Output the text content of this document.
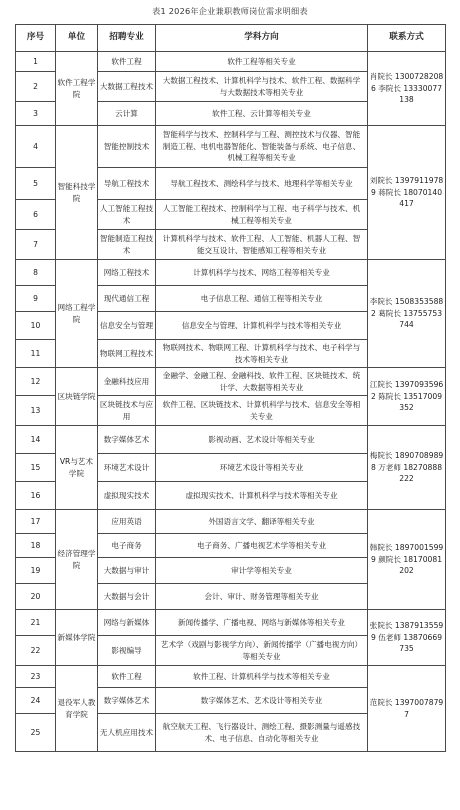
表1 2026年企业兼职教师岗位需求明细表
序号	单位	招聘专业	学科方向	联系方式
1	软件工程学院	软件工程	软件工程等相关专业	肖院长 13007282086 李院长 13330077138
2		大数据工程技术	大数据工程技术、计算机科学与技术、软件工程、数据科学与大数据技术等相关专业	
3		云计算	软件工程、云计算等相关专业	
4	智能科技学院	智能控制技术	智能科学与技术、控制科学与工程、测控技术与仪器、智能制造工程、电机电器智能化、智能装备与系统、电子信息、机械工程等相关专业	刘院长 13979119789 蒋院长 18070140417
5		导航工程技术	导航工程技术、测绘科学与技术、地理科学等相关专业	
6		人工智能工程技术	人工智能工程技术、控制科学与工程、电子科学与技术、机械工程等相关专业	
7		智能制造工程技术	计算机科学与技术、软件工程、人工智能、机器人工程、智能交互设计、智能感知工程等相关专业	
8	网络工程学院	网络工程技术	计算机科学与技术、网络工程等相关专业	李院长 15083535882 葛院长 13755753744
9		现代通信工程	电子信息工程、通信工程等相关专业	
10		信息安全与管理	信息安全与管理、计算机科学与技术等相关专业	
11		物联网工程技术	物联网技术、物联网工程、计算机科学与技术、电子科学与技术等相关专业	
12	区块链学院	金融科技应用	金融学、金融工程、金融科技、软件工程、区块链技术、统计学、大数据等相关专业	江院长 13970935962 陈院长 13517009352
13		区块链技术与应用	软件工程、区块链技术、计算机科学与技术、信息安全等相关专业	
14	VR与艺术学院	数字媒体艺术	影视动画、艺术设计等相关专业	梅院长 18907089898 万老师 18270888222
15		环境艺术设计	环境艺术设计等相关专业	
16		虚拟现实技术	虚拟现实技术、计算机科学与技术等相关专业	
17	经济管理学院	应用英语	外国语言文学、翻译等相关专业	韩院长 18970015999 颜院长 18170081202
18		电子商务	电子商务、广播电视艺术学等相关专业	
19		大数据与审计	审计学等相关专业	
20		大数据与会计	会计、审计、财务管理等相关专业	
21	新媒体学院	网络与新媒体	新闻传播学、广播电视、网络与新媒体等相关专业	张院长 13879135599 伍老师 13870669735
22		影视编导	艺术学（戏剧与影视学方向）、新闻传播学（广播电视方向）等相关专业	
23	退役军人教育学院	软件工程	软件工程、计算机科学与技术等相关专业	范院长 13970078797
24		数字媒体艺术	数字媒体艺术、艺术设计等相关专业	
25		无人机应用技术	航空航天工程、飞行器设计、测绘工程、摄影测量与遥感技术、电子信息、自动化等相关专业	
